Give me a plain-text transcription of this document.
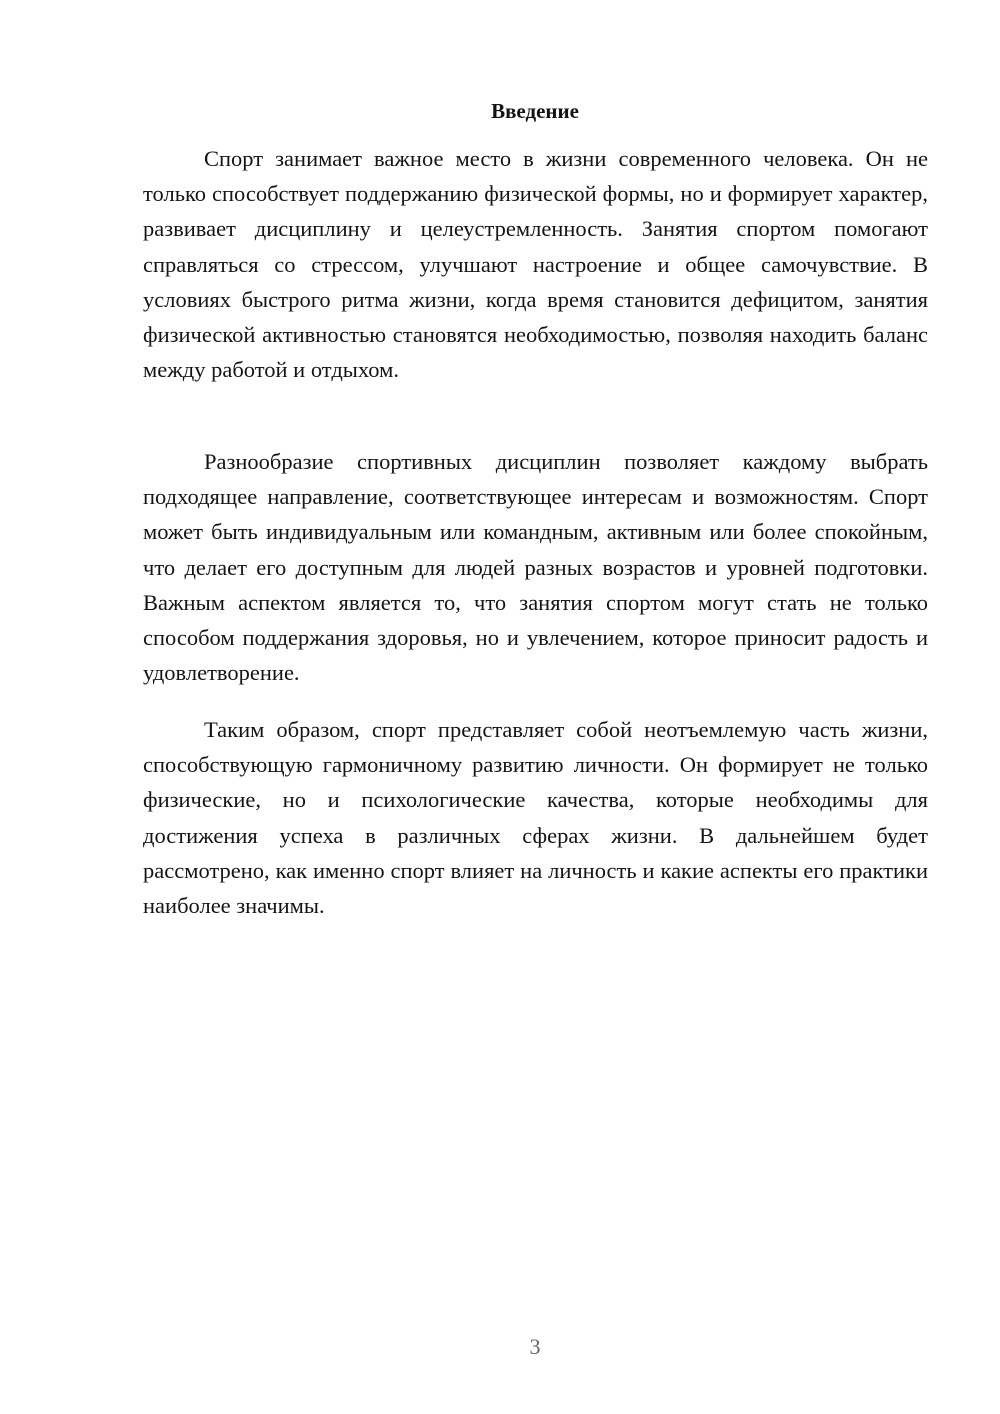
Введение

Спорт занимает важное место в жизни современного человека. Он не только способствует поддержанию физической формы, но и формирует характер, развивает дисциплину и целеустремленность. Занятия спортом помогают справляться со стрессом, улучшают настроение и общее самочувствие. В условиях быстрого ритма жизни, когда время становится дефицитом, занятия физической активностью становятся необходимостью, позволяя находить баланс между работой и отдыхом.

Разнообразие спортивных дисциплин позволяет каждому выбрать подходящее направление, соответствующее интересам и возможностям. Спорт может быть индивидуальным или командным, активным или более спокойным, что делает его доступным для людей разных возрастов и уровней подготовки. Важным аспектом является то, что занятия спортом могут стать не только способом поддержания здоровья, но и увлечением, которое приносит радость и удовлетворение.

Таким образом, спорт представляет собой неотъемлемую часть жизни, способствующую гармоничному развитию личности. Он формирует не только физические, но и психологические качества, которые необходимы для достижения успеха в различных сферах жизни. В дальнейшем будет рассмотрено, как именно спорт влияет на личность и какие аспекты его практики наиболее значимы.

3
